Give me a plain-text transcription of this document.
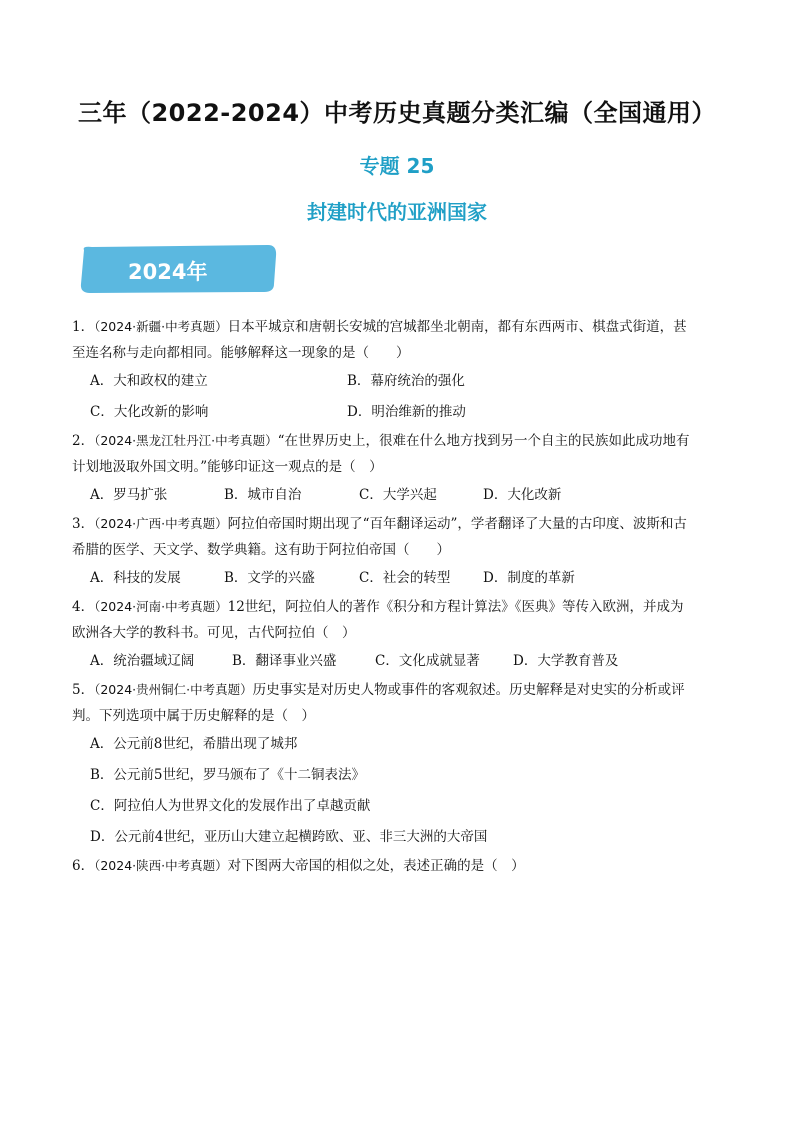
三年（2022-2024）中考历史真题分类汇编（全国通用）
专题 25
封建时代的亚洲国家
2024年
1．（2024·新疆·中考真题）日本平城京和唐朝长安城的宫城都坐北朝南，都有东西两市、棋盘式街道，甚
至连名称与走向都相同。能够解释这一现象的是（　　）
A．大和政权的建立	B．幕府统治的强化
C．大化改新的影响	D．明治维新的推动
2．（2024·黑龙江牡丹江·中考真题）“在世界历史上，很难在什么地方找到另一个自主的民族如此成功地有
计划地汲取外国文明。”能够印证这一观点的是（　）
A．罗马扩张	B．城市自治	C．大学兴起	D．大化改新
3．（2024·广西·中考真题）阿拉伯帝国时期出现了“百年翻译运动”，学者翻译了大量的古印度、波斯和古
希腊的医学、天文学、数学典籍。这有助于阿拉伯帝国（　　）
A．科技的发展	B．文学的兴盛	C．社会的转型	D．制度的革新
4．（2024·河南·中考真题）12世纪，阿拉伯人的著作《积分和方程计算法》《医典》等传入欧洲，并成为
欧洲各大学的教科书。可见，古代阿拉伯（　）
A．统治疆域辽阔	B．翻译事业兴盛	C．文化成就显著	D．大学教育普及
5．（2024·贵州铜仁·中考真题）历史事实是对历史人物或事件的客观叙述。历史解释是对史实的分析或评
判。下列选项中属于历史解释的是（　）
A．公元前8世纪，希腊出现了城邦
B．公元前5世纪，罗马颁布了《十二铜表法》
C．阿拉伯人为世界文化的发展作出了卓越贡献
D．公元前4世纪，亚历山大建立起横跨欧、亚、非三大洲的大帝国
6．（2024·陕西·中考真题）对下图两大帝国的相似之处，表述正确的是（　）
